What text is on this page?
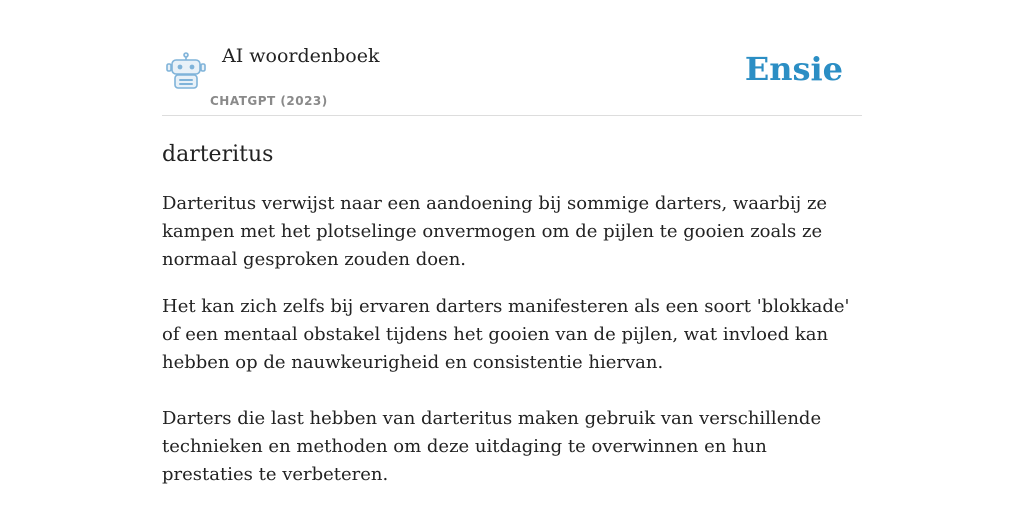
AI woordenboek
CHATGPT (2023)
Ensie
darteritus

Darteritus verwijst naar een aandoening bij sommige darters, waarbij ze kampen met het plotselinge onvermogen om de pijlen te gooien zoals ze normaal gesproken zouden doen.

Het kan zich zelfs bij ervaren darters manifesteren als een soort 'blokkade' of een mentaal obstakel tijdens het gooien van de pijlen, wat invloed kan hebben op de nauwkeurigheid en consistentie hiervan.

Darters die last hebben van darteritus maken gebruik van verschillende technieken en methoden om deze uitdaging te overwinnen en hun prestaties te verbeteren.
